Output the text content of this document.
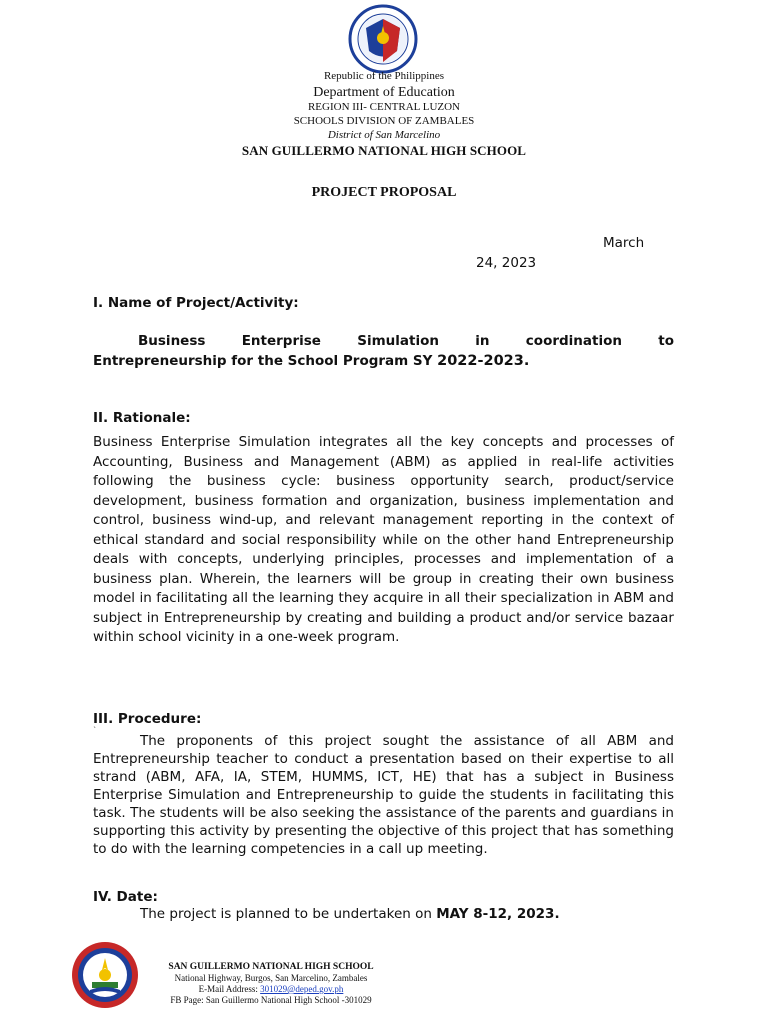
Republic of the Philippines
Department of Education
REGION III- CENTRAL LUZON
SCHOOLS DIVISION OF ZAMBALES
District of San Marcelino
SAN GUILLERMO NATIONAL HIGH SCHOOL
PROJECT PROPOSAL
March
24, 2023
I. Name of Project/Activity:
Business Enterprise Simulation in coordination to
Entrepreneurship for the School Program SY 2022-2023.
II. Rationale:
Business Enterprise Simulation integrates all the key concepts and processes of Accounting, Business and Management (ABM) as applied in real-life activities following the business cycle: business opportunity search, product/service development, business formation and organization, business implementation and control, business wind-up, and relevant management reporting in the context of ethical standard and social responsibility while on the other hand Entrepreneurship deals with concepts, underlying principles, processes and implementation of a business plan. Wherein, the learners will be group in creating their own business model in facilitating all the learning they acquire in all their specialization in ABM and subject in Entrepreneurship by creating and building a product and/or service bazaar within school vicinity in a one-week program.
III. Procedure:
`
The proponents of this project sought the assistance of all ABM and Entrepreneurship teacher to conduct a presentation based on their expertise to all strand (ABM, AFA, IA, STEM, HUMMS, ICT, HE) that has a subject in Business Enterprise Simulation and Entrepreneurship to guide the students in facilitating this task. The students will be also seeking the assistance of the parents and guardians in supporting this activity by presenting the objective of this project that has something to do with the learning competencies in a call up meeting.
IV. Date:
The project is planned to be undertaken on MAY 8-12, 2023.
SAN GUILLERMO NATIONAL HIGH SCHOOL
National Highway, Burgos, San Marcelino, Zambales
E-Mail Address: 301029@deped.gov.ph
FB Page: San Guillermo National High School -301029
